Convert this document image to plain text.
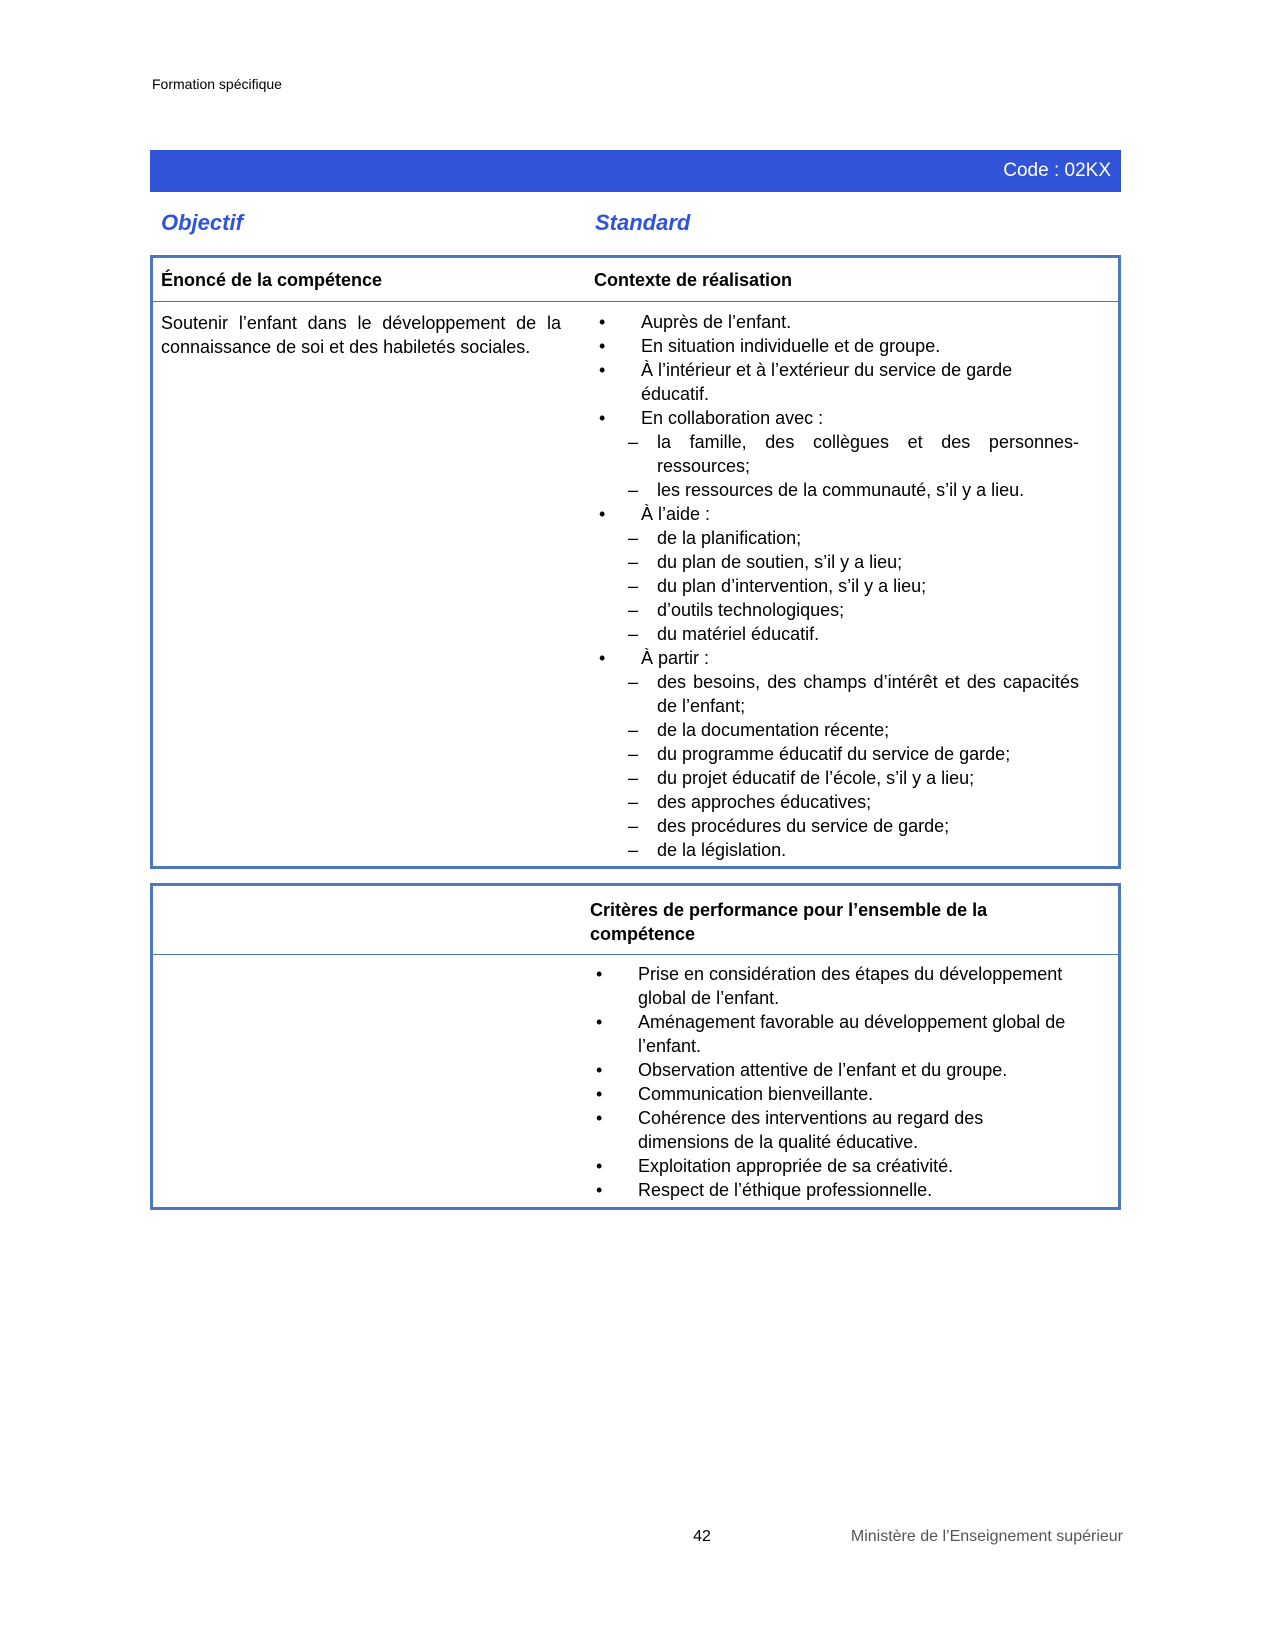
Formation spécifique
Code : 02KX
Objectif	Standard
Énoncé de la compétence	Contexte de réalisation
Soutenir l’enfant dans le développement de la connaissance de soi et des habiletés sociales.
• Auprès de l’enfant.
• En situation individuelle et de groupe.
• À l’intérieur et à l’extérieur du service de garde éducatif.
• En collaboration avec :
– la famille, des collègues et des personnes-ressources;
– les ressources de la communauté, s’il y a lieu.
• À l’aide :
– de la planification;
– du plan de soutien, s’il y a lieu;
– du plan d’intervention, s’il y a lieu;
– d’outils technologiques;
– du matériel éducatif.
• À partir :
– des besoins, des champs d’intérêt et des capacités de l’enfant;
– de la documentation récente;
– du programme éducatif du service de garde;
– du projet éducatif de l’école, s’il y a lieu;
– des approches éducatives;
– des procédures du service de garde;
– de la législation.
Critères de performance pour l’ensemble de la compétence
• Prise en considération des étapes du développement global de l’enfant.
• Aménagement favorable au développement global de l’enfant.
• Observation attentive de l’enfant et du groupe.
• Communication bienveillante.
• Cohérence des interventions au regard des dimensions de la qualité éducative.
• Exploitation appropriée de sa créativité.
• Respect de l’éthique professionnelle.
42	Ministère de l’Enseignement supérieur
